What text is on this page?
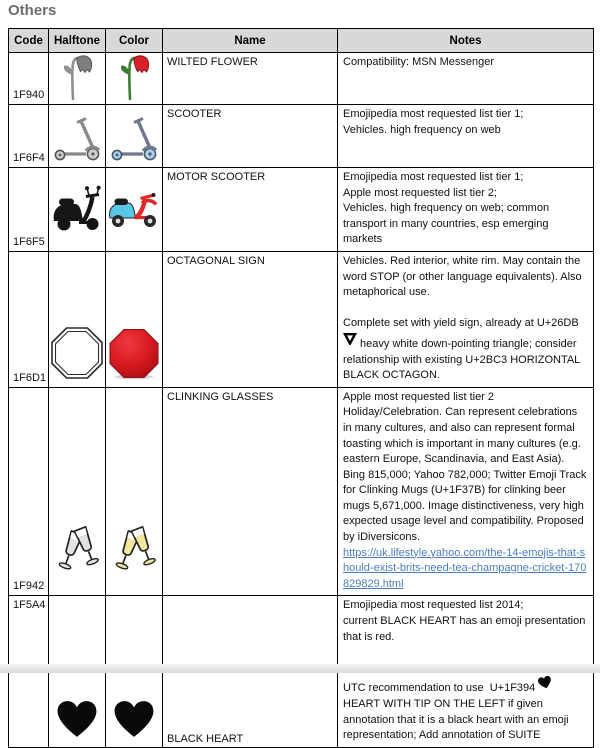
Others
Code	Halftone	Color	Name	Notes
1F940			WILTED FLOWER	Compatibility: MSN Messenger

1F6F4			SCOOTER	Emojipedia most requested list tier 1;
Vehicles. high frequency on web

1F6F5			MOTOR SCOOTER	Emojipedia most requested list tier 1;
Apple most requested list tier 2;
Vehicles. high frequency on web; common transport in many countries, esp emerging markets

1F6D1			OCTAGONAL SIGN	Vehicles. Red interior, white rim. May contain the word STOP (or other language equivalents). Also metaphorical use.
Complete set with yield sign, already at U+26DB
heavy white down-pointing triangle; consider relationship with existing U+2BC3 HORIZONTAL BLACK OCTAGON.

1F942			CLINKING GLASSES	Apple most requested list tier 2
Holiday/Celebration. Can represent celebrations in many cultures, and also can represent formal toasting which is important in many cultures (e.g. eastern Europe, Scandinavia, and East Asia). Bing 815,000; Yahoo 782,000; Twitter Emoji Track for Clinking Mugs (U+1F37B) for clinking beer mugs 5,671,000. Image distinctiveness, very high expected usage level and compatibility. Proposed by iDiversicons.
https://uk.lifestyle.yahoo.com/the-14-emojis-that-should-exist-brits-need-tea-champagne-cricket-170829829.html

1F5A4			BLACK HEART	Emojipedia most requested list 2014;
current BLACK HEART has an emoji presentation that is red.
UTC recommendation to use  U+1F394
HEART WITH TIP ON THE LEFT if given annotation that it is a black heart with an emoji representation; Add annotation of SUITE
